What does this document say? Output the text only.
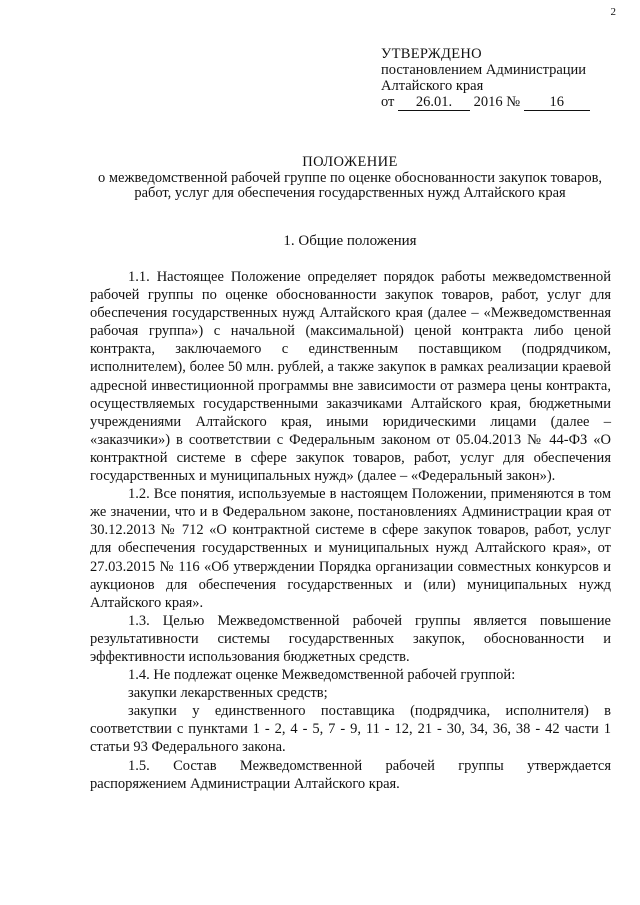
2
УТВЕРЖДЕНО
постановлением Администрации
Алтайского края
от 26.01. 2016 № 16
ПОЛОЖЕНИЕ
о межведомственной рабочей группе по оценке обоснованности закупок товаров, работ, услуг для обеспечения государственных нужд Алтайского края
1. Общие положения

1.1. Настоящее Положение определяет порядок работы межведомственной рабочей группы по оценке обоснованности закупок товаров, работ, услуг для обеспечения государственных нужд Алтайского края (далее – «Межведомственная рабочая группа») с начальной (максимальной) ценой контракта либо ценой контракта, заключаемого с единственным поставщиком (подрядчиком, исполнителем), более 50 млн. рублей, а также закупок в рамках реализации краевой адресной инвестиционной программы вне зависимости от размера цены контракта, осуществляемых государственными заказчиками Алтайского края, бюджетными учреждениями Алтайского края, иными юридическими лицами (далее – «заказчики») в соответствии с Федеральным законом от 05.04.2013 № 44-ФЗ «О контрактной системе в сфере закупок товаров, работ, услуг для обеспечения государственных и муниципальных нужд» (далее – «Федеральный закон»).

1.2. Все понятия, используемые в настоящем Положении, применяются в том же значении, что и в Федеральном законе, постановлениях Администрации края от 30.12.2013 № 712 «О контрактной системе в сфере закупок товаров, работ, услуг для обеспечения государственных и муниципальных нужд Алтайского края», от 27.03.2015 № 116 «Об утверждении Порядка организации совместных конкурсов и аукционов для обеспечения государственных и (или) муниципальных нужд Алтайского края».

1.3. Целью Межведомственной рабочей группы является повышение результативности системы государственных закупок, обоснованности и эффективности использования бюджетных средств.

1.4. Не подлежат оценке Межведомственной рабочей группой:

закупки лекарственных средств;

закупки у единственного поставщика (подрядчика, исполнителя) в соответствии с пунктами 1 - 2, 4 - 5, 7 - 9, 11 - 12, 21 - 30, 34, 36, 38 - 42 части 1 статьи 93 Федерального закона.

1.5. Состав Межведомственной рабочей группы утверждается распоряжением Администрации Алтайского края.
